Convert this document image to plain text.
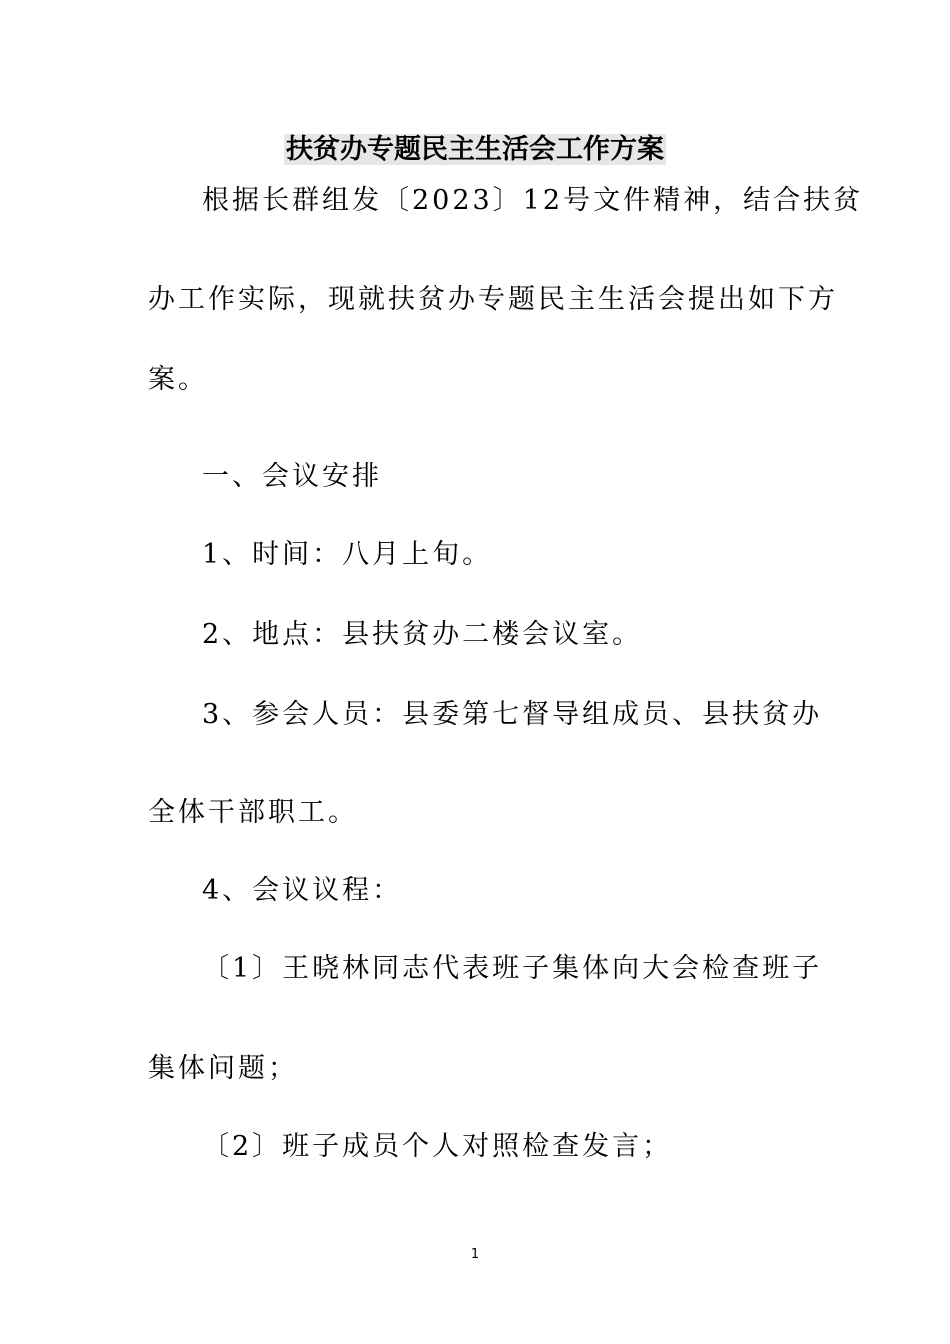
扶贫办专题民主生活会工作方案
根据长群组发〔2023〕12号文件精神，结合扶贫
办工作实际，现就扶贫办专题民主生活会提出如下方
案。
一、会议安排
1、时间：八月上旬。
2、地点：县扶贫办二楼会议室。
3、参会人员：县委第七督导组成员、县扶贫办
全体干部职工。
4、会议议程：
〔1〕王晓林同志代表班子集体向大会检查班子
集体问题；
〔2〕班子成员个人对照检查发言；
1
